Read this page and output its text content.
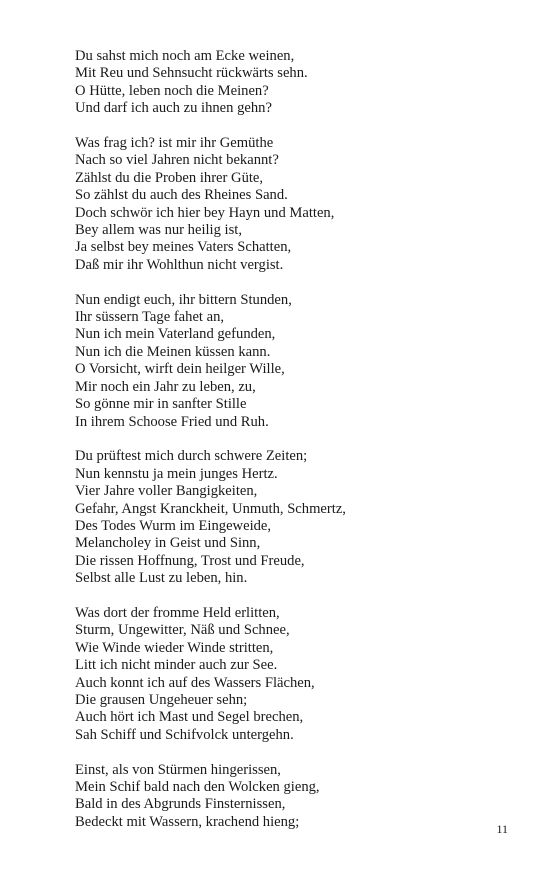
Du sahst mich noch am Ecke weinen,
Mit Reu und Sehnsucht rückwärts sehn.
O Hütte, leben noch die Meinen?
Und darf ich auch zu ihnen gehn?
Was frag ich? ist mir ihr Gemüthe
Nach so viel Jahren nicht bekannt?
Zählst du die Proben ihrer Güte,
So zählst du auch des Rheines Sand.
Doch schwör ich hier bey Hayn und Matten,
Bey allem was nur heilig ist,
Ja selbst bey meines Vaters Schatten,
Daß mir ihr Wohlthun nicht vergist.
Nun endigt euch, ihr bittern Stunden,
Ihr süssern Tage fahet an,
Nun ich mein Vaterland gefunden,
Nun ich die Meinen küssen kann.
O Vorsicht, wirft dein heilger Wille,
Mir noch ein Jahr zu leben, zu,
So gönne mir in sanfter Stille
In ihrem Schoose Fried und Ruh.
Du prüftest mich durch schwere Zeiten;
Nun kennstu ja mein junges Hertz.
Vier Jahre voller Bangigkeiten,
Gefahr, Angst Kranckheit, Unmuth, Schmertz,
Des Todes Wurm im Eingeweide,
Melancholey in Geist und Sinn,
Die rissen Hoffnung, Trost und Freude,
Selbst alle Lust zu leben, hin.
Was dort der fromme Held erlitten,
Sturm, Ungewitter, Näß und Schnee,
Wie Winde wieder Winde stritten,
Litt ich nicht minder auch zur See.
Auch konnt ich auf des Wassers Flächen,
Die grausen Ungeheuer sehn;
Auch hört ich Mast und Segel brechen,
Sah Schiff und Schifvolck untergehn.
Einst, als von Stürmen hingerissen,
Mein Schif bald nach den Wolcken gieng,
Bald in des Abgrunds Finsternissen,
Bedeckt mit Wassern, krachend hieng;	11
